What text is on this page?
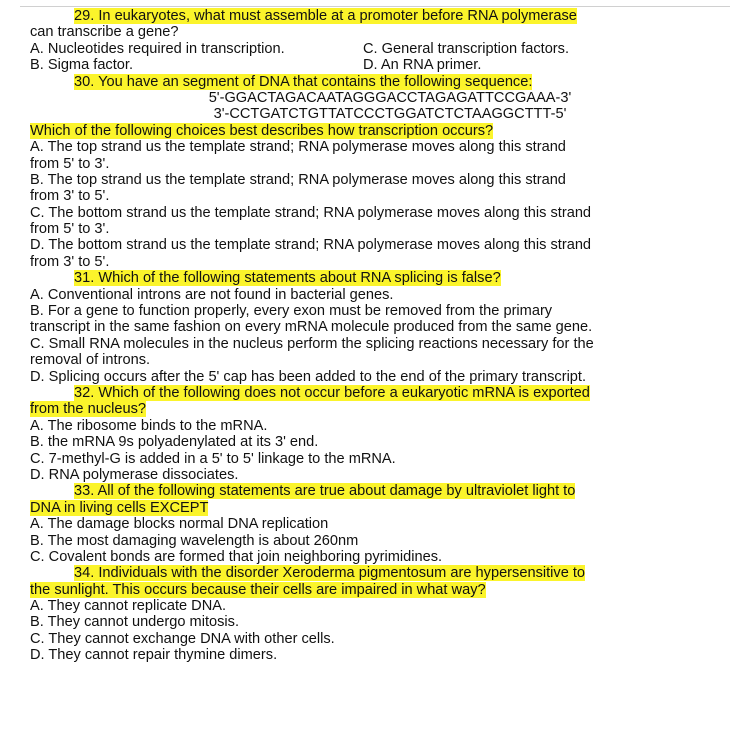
29. In eukaryotes, what must assemble at a promoter before RNA polymerase
can transcribe a gene?
A. Nucleotides required in transcription.	C. General transcription factors.
B. Sigma factor.	D. An RNA primer.
30. You have an segment of DNA that contains the following sequence:
5'-GGACTAGACAATAGGGACCTAGAGATTCCGAAA-3'
3'-CCTGATCTGTTATCCCTGGATCTCTAAGGCTTT-5'
Which of the following choices best describes how transcription occurs?
A. The top strand us the template strand; RNA polymerase moves along this strand
from 5' to 3'.
B. The top strand us the template strand; RNA polymerase moves along this strand
from 3' to 5'.
C. The bottom strand us the template strand; RNA polymerase moves along this strand
from 5' to 3'.
D. The bottom strand us the template strand; RNA polymerase moves along this strand
from 3' to 5'.
31. Which of the following statements about RNA splicing is false?
A. Conventional introns are not found in bacterial genes.
B. For a gene to function properly, every exon must be removed from the primary
transcript in the same fashion on every mRNA molecule produced from the same gene.
C. Small RNA molecules in the nucleus perform the splicing reactions necessary for the
removal of introns.
D. Splicing occurs after the 5' cap has been added to the end of the primary transcript.
32. Which of the following does not occur before a eukaryotic mRNA is exported
from the nucleus?
A. The ribosome binds to the mRNA.
B. the mRNA 9s polyadenylated at its 3' end.
C. 7-methyl-G is added in a 5' to 5' linkage to the mRNA.
D. RNA polymerase dissociates.
33. All of the following statements are true about damage by ultraviolet light to
DNA in living cells EXCEPT
A. The damage blocks normal DNA replication
B. The most damaging wavelength is about 260nm
C. Covalent bonds are formed that join neighboring pyrimidines.
34. Individuals with the disorder Xeroderma pigmentosum are hypersensitive to
the sunlight. This occurs because their cells are impaired in what way?
A. They cannot replicate DNA.
B. They cannot undergo mitosis.
C. They cannot exchange DNA with other cells.
D. They cannot repair thymine dimers.
